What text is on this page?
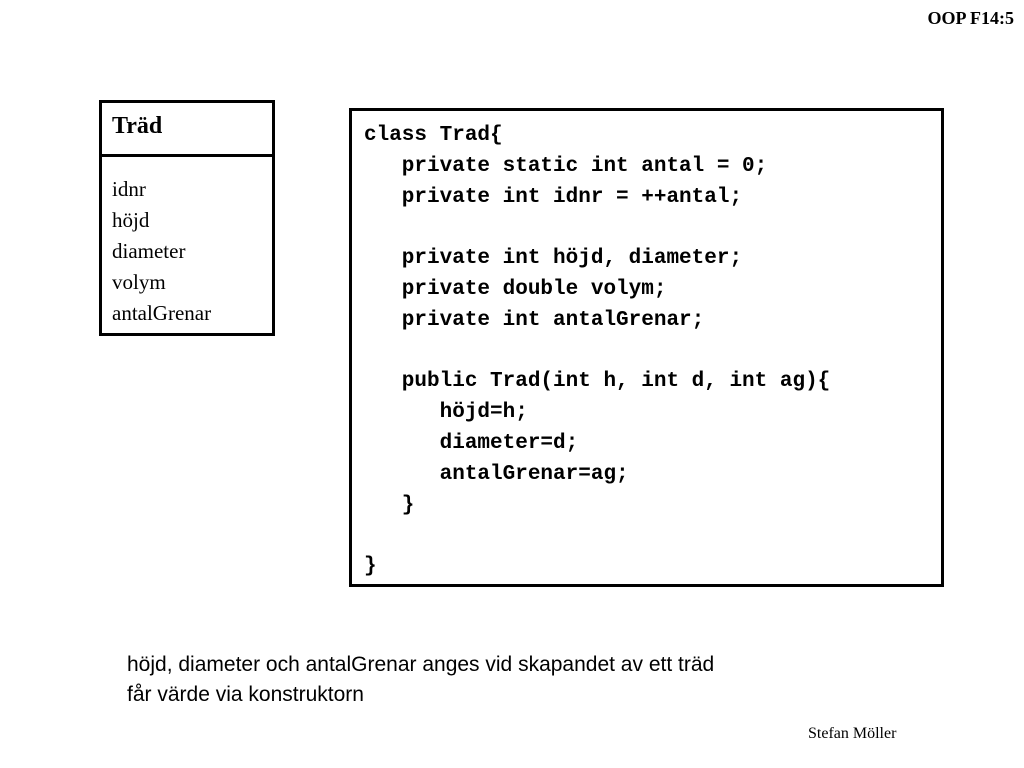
OOP F14:5
Träd
idnr
höjd
diameter
volym
antalGrenar
class Trad{
private static int antal = 0;
private int idnr = ++antal;
private int höjd, diameter;
private double volym;
private int antalGrenar;
public Trad(int h, int d, int ag){
höjd=h;
diameter=d;
antalGrenar=ag;
}
}
höjd, diameter och antalGrenar anges vid skapandet av ett träd
får värde via konstruktorn
Stefan Möller
